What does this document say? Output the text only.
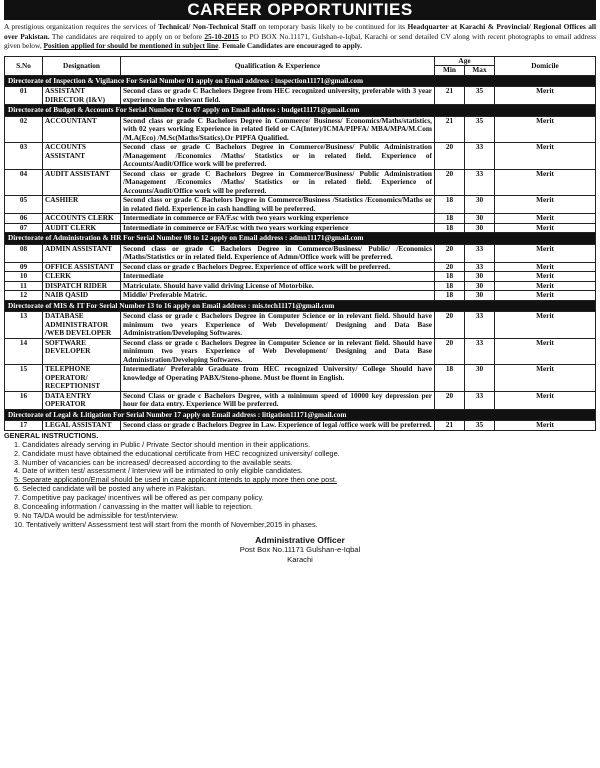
CAREER OPPORTUNITIES
A prestigious organization requires the services of Technical/ Non-Technical Staff on temporary basis likely to be continued for its Headquarter at Karachi & Provincial/ Regional Offices all over Pakistan. The candidates are required to apply on or before 25-10-2015 to PO BOX No.11171, Gulshan-e-Iqbal, Karachi or send detailed CV along with recent photographs to email address given below, Position applied for should be mentioned in subject line. Female Candidates are encouraged to apply.
S.No	Designation	Qualification & Experience	Age		Domicile
			Min	Max	
Directorate of Inspection & Vigilance For Serial Number 01 apply on Email address : inspection11171@gmail.com					
01	ASSISTANT DIRECTOR (I&V)	Second class or grade C Bachelors Degree from HEC recognized university, preferable with 3 year experience in the relevant field.	21	35	Merit
Directorate of Budget & Accounts For Serial Number 02 to 07 apply on Email address : budget11171@gmail.com					
02	ACCOUNTANT	Second class or grade C Bachelors Degree in Commerce/ Business/ Economics/Maths/statistics, with 02 years working Experience in related field or CA(Inter)/ICMA/PIPFA/ MBA/MPA/M.Com /M.A(Eco) /M.Sc(Maths/Statics).Or PIPFA Qualified.	21	35	Merit
03	ACCOUNTS ASSISTANT	Second class or grade C Bachelors Degree in Commerce/Business/ Public Administration /Management /Economics /Maths/ Statistics or in related field. Experience of Accounts/Audit/Office work will be preferred.	20	33	Merit
04	AUDIT ASSISTANT	Second class or grade C Bachelors Degree in Commerce/Business/ Public Administration /Management /Economics /Maths/ Statistics or in related field. Experience of Accounts/Audit/Office work will be preferred.	20	33	Merit
05	CASHIER	Second class or grade C Bachelors Degree in Commerce/Business /Statistics /Economics/Maths or in related field. Experience in cash handling will be preferred.	18	30	Merit
06	ACCOUNTS CLERK	Intermediate in commerce or FA/F.sc with two years working experience	18	30	Merit
07	AUDIT CLERK	Intermediate in commerce or FA/F.sc with two years working experience	18	30	Merit
Directorate of Administration & HR For Serial Number 08 to 12 apply on Email address : admn11171@gmail.com					
08	ADMIN ASSISTANT	Second class or grade C Bachelors Degree in Commerce/Business/ Public/ /Economics /Maths/Statistics or in related field. Experience of Admn/Office work will be preferred.	20	33	Merit
09	OFFICE ASSISTANT	Second class or grade c Bachelors Degree. Experience of office work will be preferred.	20	33	Merit
10	CLERK	Intermediate	18	30	Merit
11	DISPATCH RIDER	Matriculate. Should have valid driving License of Motorbike.	18	30	Merit
12	NAIB QASID	Middle/ Preferable Matric.	18	30	Merit
Directorate of MIS & IT For Serial Number 13 to 16 apply on Email address : mis.tech11171@gmail.com					
13	DATABASE ADMINISTRATOR /WEB DEVELOPER	Second class or grade c Bachelors Degree in Computer Science or in relevant field. Should have minimum two years Experience of Web Development/ Designing and Data Base Administration/Developing Softwares.	20	33	Merit
14	SOFTWARE DEVELOPER	Second class or grade c Bachelors Degree in Computer Science or in relevant field. Should have minimum two years Experience of Web Development/ Designing and Data Base Administration/Developing Softwares.	20	33	Merit
15	TELEPHONE OPERATOR/ RECEPTIONIST	Intermediate/ Preferable Graduate from HEC recognized University/ College Should have knowledge of Operating PABX/Steno-phone. Must be fluent in English.	18	30	Merit
16	DATA ENTRY OPERATOR	Second Class or grade c Bachelors Degree, with a minimum speed of 10000 key depression per hour for data entry. Experience Will be preferred.	20	33	Merit
Directorate of Legal & Litigation For Serial Number 17 apply on Email address : litigation11171@gmail.com					
17	LEGAL ASSISTANT	Second class or grade c Bachelors Degree in Law. Experience of legal /office work will be preferred.	21	35	Merit
GENERAL INSTRUCTIONS.
1. Candidates already serving in Public / Private Sector should mention in their applications.
2. Candidate must have obtained the educational certificate from HEC recognized university/ college.
3. Number of vacancies can be increased/ decreased according to the available seats.
4. Date of written test/ assessment / Interview will be intimated to only eligible candidates.
5. Separate application/Email should be used in case applicant intends to apply more then one post.
6. Selected candidate will be posted any where in Pakistan.
7. Competitive pay package/ incentives will be offered as per company policy.
8. Concealing information / canvassing in the matter will liable to rejection.
9. No TA/DA would be admissible for test/interview.
10. Tentatively written/ Assessment test will start from the month of November,2015 in phases.
Administrative Officer
Post Box No.11171 Gulshan-e-Iqbal
Karachi
